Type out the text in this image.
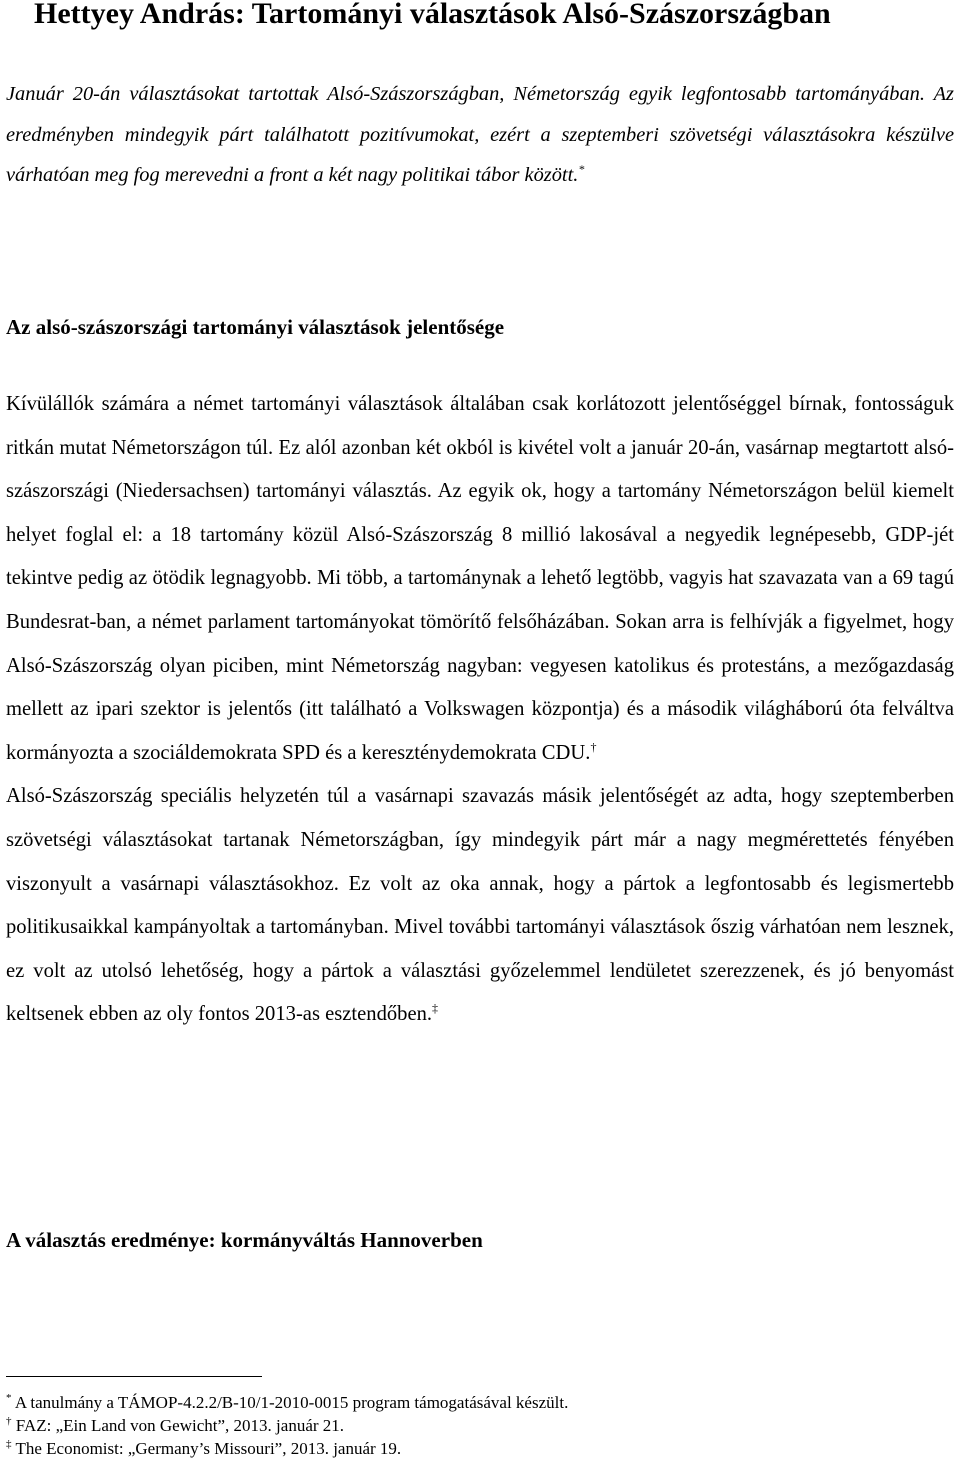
Hettyey András: Tartományi választások Alsó-Szászországban

Január 20-án választásokat tartottak Alsó-Szászországban, Németország egyik legfontosabb tartományában. Az eredményben mindegyik párt találhatott pozitívumokat, ezért a szeptemberi szövetségi választásokra készülve várhatóan meg fog merevedni a front a két nagy politikai tábor között.*

Az alsó-szászországi tartományi választások jelentősége
Kívülállók számára a német tartományi választások általában csak korlátozott jelentőséggel bírnak, fontosságuk ritkán mutat Németországon túl. Ez alól azonban két okból is kivétel volt a január 20-án, vasárnap megtartott alsó-szászországi (Niedersachsen) tartományi választás. Az egyik ok, hogy a tartomány Németországon belül kiemelt helyet foglal el: a 18 tartomány közül Alsó-Szászország 8 millió lakosával a negyedik legnépesebb, GDP-jét tekintve pedig az ötödik legnagyobb. Mi több, a tartománynak a lehető legtöbb, vagyis hat szavazata van a 69 tagú Bundesrat-ban, a német parlament tartományokat tömörítő felsőházában. Sokan arra is felhívják a figyelmet, hogy Alsó-Szászország olyan piciben, mint Németország nagyban: vegyesen katolikus és protestáns, a mezőgazdaság mellett az ipari szektor is jelentős (itt található a Volkswagen központja) és a második világháború óta felváltva kormányozta a szociáldemokrata SPD és a kereszténydemokrata CDU.†
Alsó-Szászország speciális helyzetén túl a vasárnapi szavazás másik jelentőségét az adta, hogy szeptemberben szövetségi választásokat tartanak Németországban, így mindegyik párt már a nagy megmérettetés fényében viszonyult a vasárnapi választásokhoz. Ez volt az oka annak, hogy a pártok a legfontosabb és legismertebb politikusaikkal kampányoltak a tartományban. Mivel további tartományi választások őszig várhatóan nem lesznek, ez volt az utolsó lehetőség, hogy a pártok a választási győzelemmel lendületet szerezzenek, és jó benyomást keltsenek ebben az oly fontos 2013-as esztendőben.‡
A választás eredménye: kormányváltás Hannoverben

* A tanulmány a TÁMOP-4.2.2/B-10/1-2010-0015 program támogatásával készült.

† FAZ: „Ein Land von Gewicht”, 2013. január 21.

‡ The Economist: „Germany’s Missouri”, 2013. január 19.
